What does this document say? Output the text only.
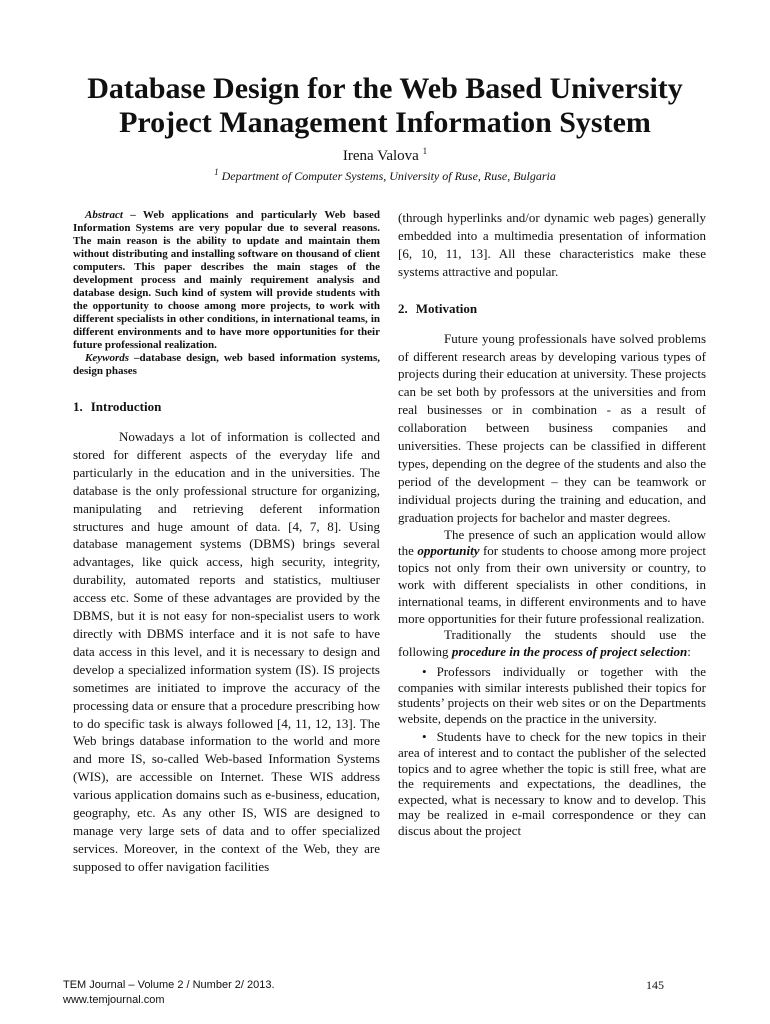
Database Design for the Web Based University
Project Management Information System
Irena Valova $^1$
$^1$ Department of Computer Systems, University of Ruse, Ruse, Bulgaria

Abstract – Web applications and particularly Web based Information Systems are very popular due to several reasons. The main reason is the ability to update and maintain them without distributing and installing software on thousand of client computers. This paper describes the main stages of the development process and mainly requirement analysis and database design. Such kind of system will provide students with the opportunity to choose among more projects, to work with different specialists in other conditions, in international teams, in different environments and to have more opportunities for their future professional realization.

Keywords –database design, web based information systems, design phases

1. Introduction

Nowadays a lot of information is collected and stored for different aspects of the everyday life and particularly in the education and in the universities. The database is the only professional structure for organizing, manipulating and retrieving deferent information structures and huge amount of data. [4, 7, 8]. Using database management systems (DBMS) brings several advantages, like quick access, high security, integrity, durability, automated reports and statistics, multiuser access etc. Some of these advantages are provided by the DBMS, but it is not easy for non-specialist users to work directly with DBMS interface and it is not safe to have data access in this level, and it is necessary to design and develop a specialized information system (IS). IS projects sometimes are initiated to improve the accuracy of the processing data or ensure that a procedure prescribing how to do specific task is always followed [4, 11, 12, 13]. The Web brings database information to the world and more and more IS, so-called Web-based Information Systems (WIS), are accessible on Internet. These WIS address various application domains such as e-business, education, geography, etc. As any other IS, WIS are designed to manage very large sets of data and to offer specialized services. Moreover, in the context of the Web, they are supposed to offer navigation facilities

(through hyperlinks and/or dynamic web pages) generally embedded into a multimedia presentation of information [6, 10, 11, 13]. All these characteristics make these systems attractive and popular.

2. Motivation

Future young professionals have solved problems of different research areas by developing various types of projects during their education at university. These projects can be set both by professors at the universities and from real businesses or in combination - as a result of collaboration between business companies and universities. These projects can be classified in different types, depending on the degree of the students and also the period of the development – they can be teamwork or individual projects during the training and education, and graduation projects for bachelor and master degrees.

The presence of such an application would allow the opportunity for students to choose among more project topics not only from their own university or country, to work with different specialists in other conditions, in international teams, in different environments and to have more opportunities for their future professional realization.

Traditionally the students should use the following procedure in the process of project selection:

• Professors individually or together with the companies with similar interests published their topics for students’ projects on their web sites or on the Departments website, depends on the practice in the university.

• Students have to check for the new topics in their area of interest and to contact the publisher of the selected topics and to agree whether the topic is still free, what are the requirements and expectations, the deadlines, the expected, what is necessary to know and to develop. This may be realized in e-mail correspondence or they can discus about the project

TEM Journal – Volume 2 / Number 2/ 2013.
www.temjournal.com
145
